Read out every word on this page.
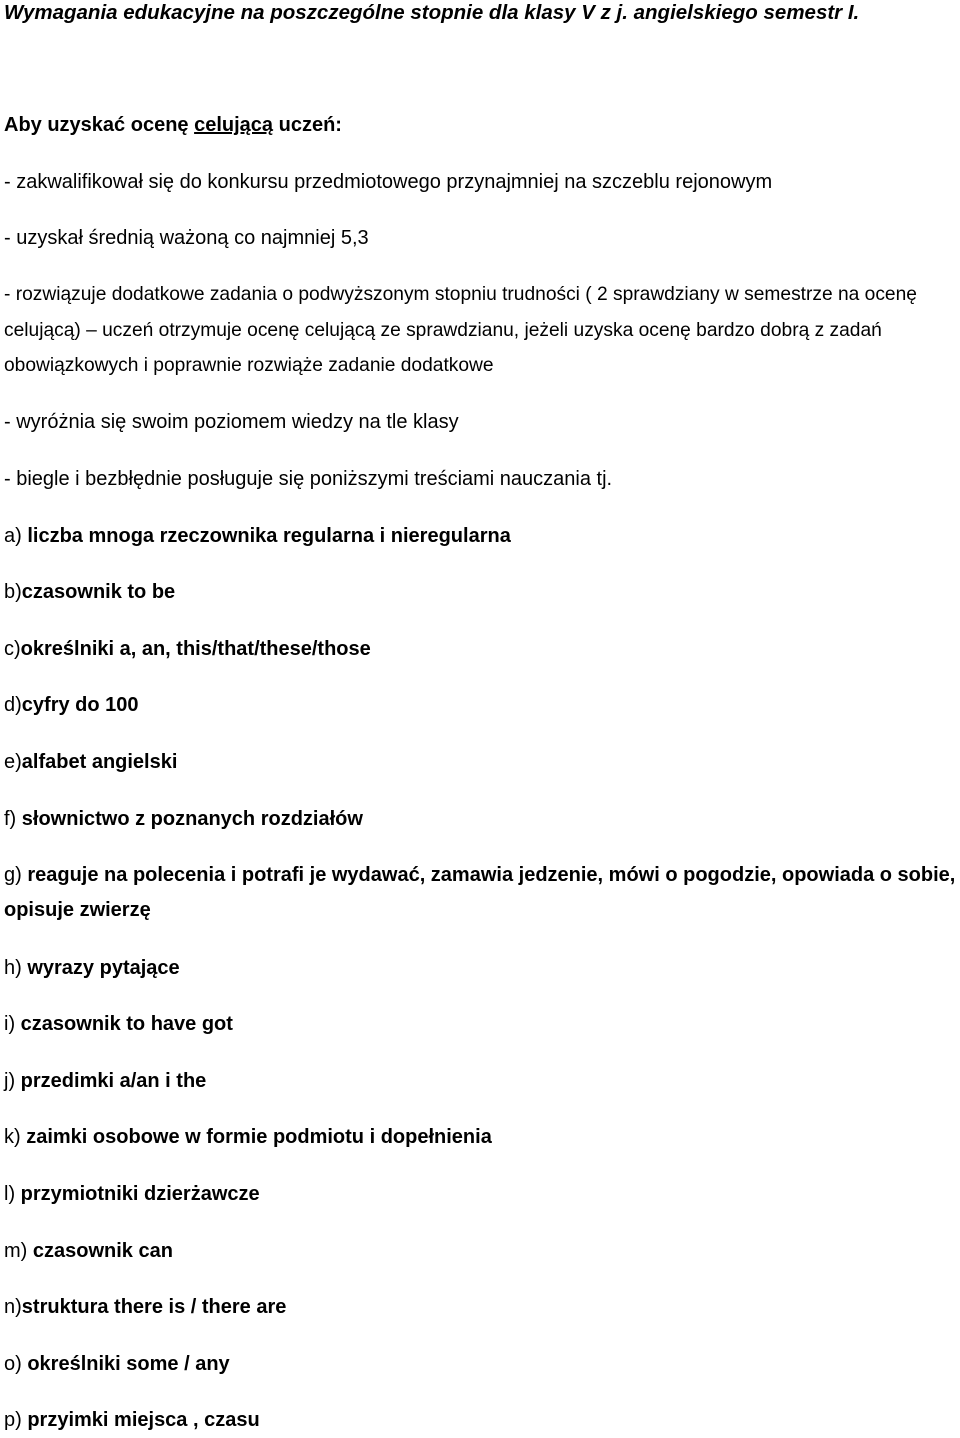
Wymagania edukacyjne na poszczególne stopnie dla klasy V z j. angielskiego semestr I.
Aby uzyskać ocenę celującą uczeń:
- zakwalifikował się do konkursu przedmiotowego przynajmniej na szczeblu rejonowym
- uzyskał średnią ważoną co najmniej 5,3
- rozwiązuje dodatkowe zadania o podwyższonym stopniu trudności ( 2 sprawdziany w semestrze na ocenę celującą) – uczeń otrzymuje ocenę celującą ze sprawdzianu, jeżeli uzyska ocenę bardzo dobrą z zadań obowiązkowych i poprawnie rozwiąże zadanie dodatkowe
- wyróżnia się swoim poziomem wiedzy na tle klasy
- biegle i bezbłędnie posługuje się poniższymi treściami nauczania tj.
a) liczba mnoga rzeczownika regularna i nieregularna
b)czasownik to be
c)określniki a, an, this/that/these/those
d)cyfry do 100
e)alfabet angielski
f) słownictwo z poznanych rozdziałów
g) reaguje na polecenia i potrafi je wydawać, zamawia jedzenie, mówi o pogodzie, opowiada o sobie, opisuje zwierzę
h) wyrazy pytające
i) czasownik to have got
j) przedimki a/an i the
k) zaimki osobowe w formie podmiotu i dopełnienia
l) przymiotniki dzierżawcze
m) czasownik can
n)struktura there is / there are
o) określniki some / any
p) przyimki miejsca , czasu
